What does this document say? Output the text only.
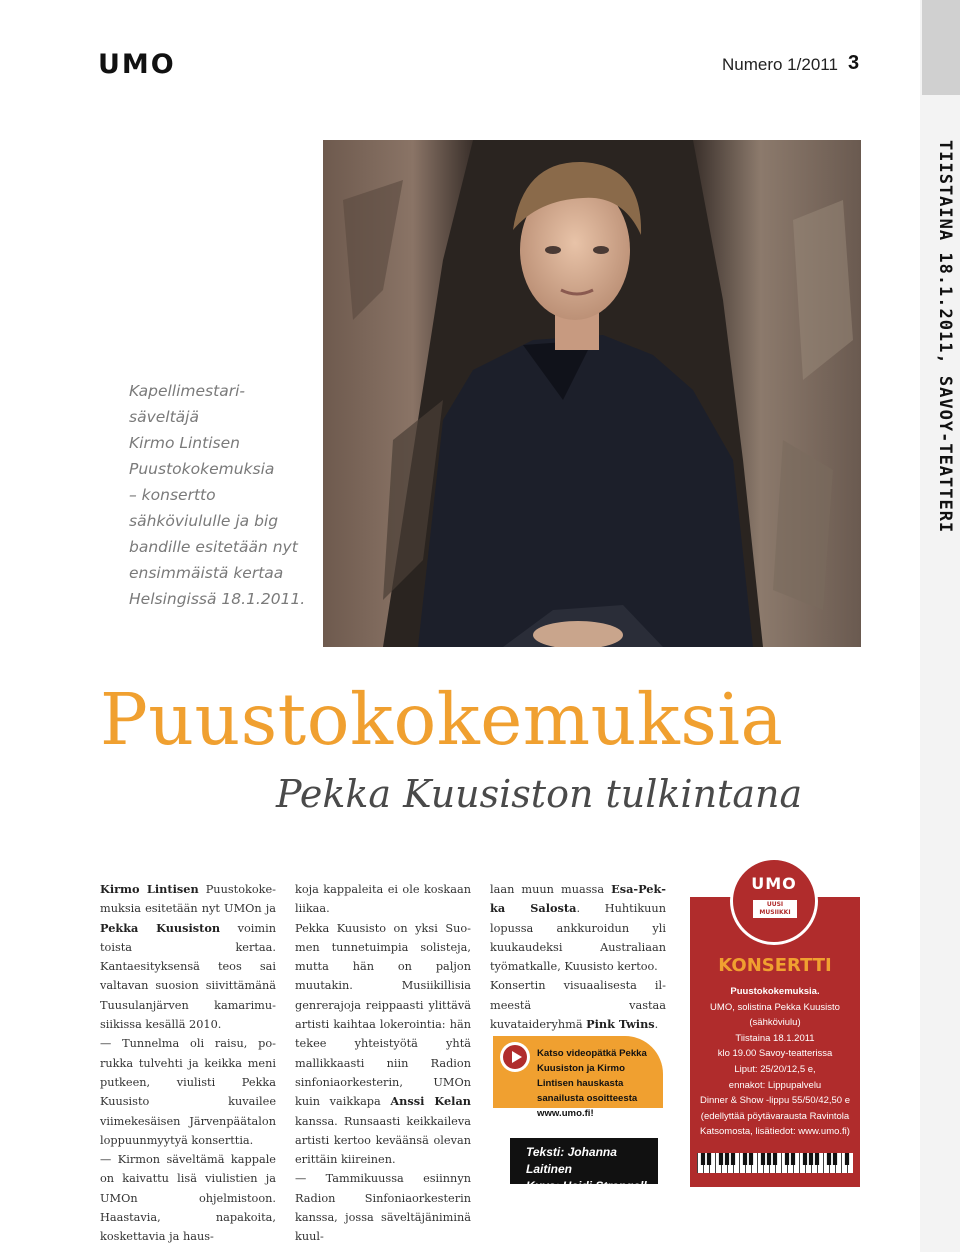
TIISTAINA 18.1.2011, SAVOY-TEATTERI
UMO	Numero 1/2011 3
Kapellimestari-
säveltäjä
Kirmo Lintisen
Puustokokemuksia
– konsertto
sähköviululle ja big
bandille esitetään nyt
ensimmäistä kertaa
Helsingissä 18.1.2011.
Puustokokemuksia
Pekka Kuusiston tulkintana

Kirmo Lintisen Puustokokemuksia esitetään nyt UMOn ja Pekka Kuusiston voimin toista kertaa. Kantaesityksensä teos sai valtavan suosion siivittämänä Tuusulanjärven kamarimusiikissa kesällä 2010.

— Tunnelma oli raisu, porukka tulvehti ja keikka meni putkeen, viulisti Pekka Kuusisto kuvailee viimekesäisen Järvenpäätalon loppuunmyytyä konserttia.

— Kirmon säveltämä kappale on kaivattu lisä viulistien ja UMOn ohjelmistoon. Haastavia, napakoita, koskettavia ja haus-

koja kappaleita ei ole koskaan liikaa.

Pekka Kuusisto on yksi Suomen tunnetuimpia solisteja, mutta hän on paljon muutakin. Musiikillisia genrerajoja reippaasti ylittävä artisti kaihtaa lokerointia: hän tekee yhteistyötä yhtä mallikkaasti niin Radion sinfoniaorkesterin, UMOn kuin vaikkapa Anssi Kelan kanssa. Runsaasti keikkaileva artisti kertoo keväänsä olevan erittäin kiireinen.

— Tammikuussa esiinnyn Radion Sinfoniaorkesterin kanssa, jossa säveltäjäniminä kuul-

laan muun muassa Esa-Pekka Salosta. Huhtikuun lopussa ankkuroidun yli kuukaudeksi Australiaan työmatkalle, Kuusisto kertoo.

Konsertin visuaalisesta ilmeestä vastaa kuvataideryhmä Pink Twins.

Katso videopätkä Pekka Kuusiston ja Kirmo Lintisen hauskasta sanailusta osoitteesta www.umo.fi!
Teksti: Johanna Laitinen
Kuva: Heidi Strengell
UMO
UUSI MUSIIKKI
KONSERTTI
Puustokokemuksia.
UMO, solistina Pekka Kuusisto
(sähköviulu)
Tiistaina 18.1.2011
klo 19.00 Savoy-teatterissa
Liput: 25/20/12,5 e,
ennakot: Lippupalvelu
Dinner & Show -lippu 55/50/42,50 e
(edellyttää pöytävarausta Ravintola
Katsomosta, lisätiedot: www.umo.fi)
